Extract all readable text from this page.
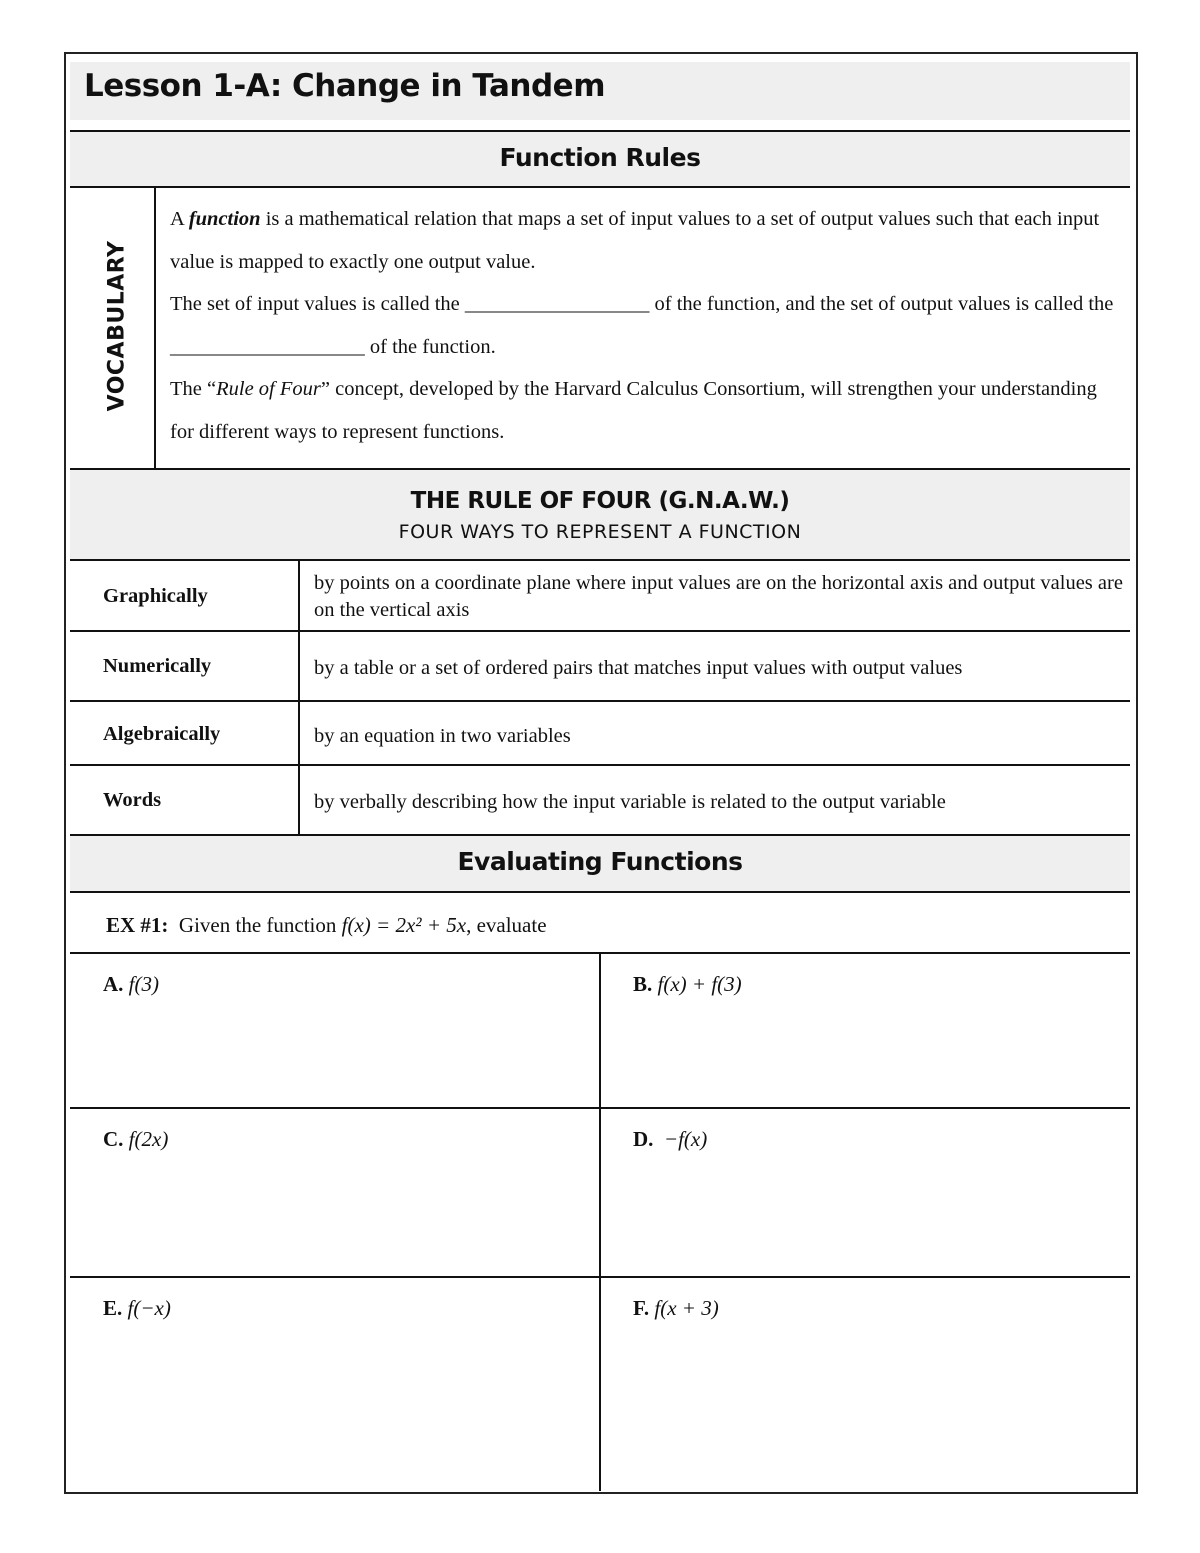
Lesson 1-A: Change in Tandem
Function Rules
VOCABULARY
A function is a mathematical relation that maps a set of input values to a set of output values such that each input value is mapped to exactly one output value.
The set of input values is called the __________________ of the function, and the set of output values is called the ___________________ of the function.
The “Rule of Four” concept, developed by the Harvard Calculus Consortium, will strengthen your understanding for different ways to represent functions.
THE RULE OF FOUR (G.N.A.W.)
FOUR WAYS TO REPRESENT A FUNCTION
Graphically
by points on a coordinate plane where input values are on the horizontal axis and output values are on the vertical axis
Numerically	by a table or a set of ordered pairs that matches input values with output values
Algebraically	by an equation in two variables
Words	by verbally describing how the input variable is related to the output variable
Evaluating Functions
EX #1: Given the function f(x) = 2x² + 5x, evaluate
A. f(3)	B. f(x) + f(3)
C. f(2x)	D. −f(x)
E. f(−x)	F. f(x + 3)
